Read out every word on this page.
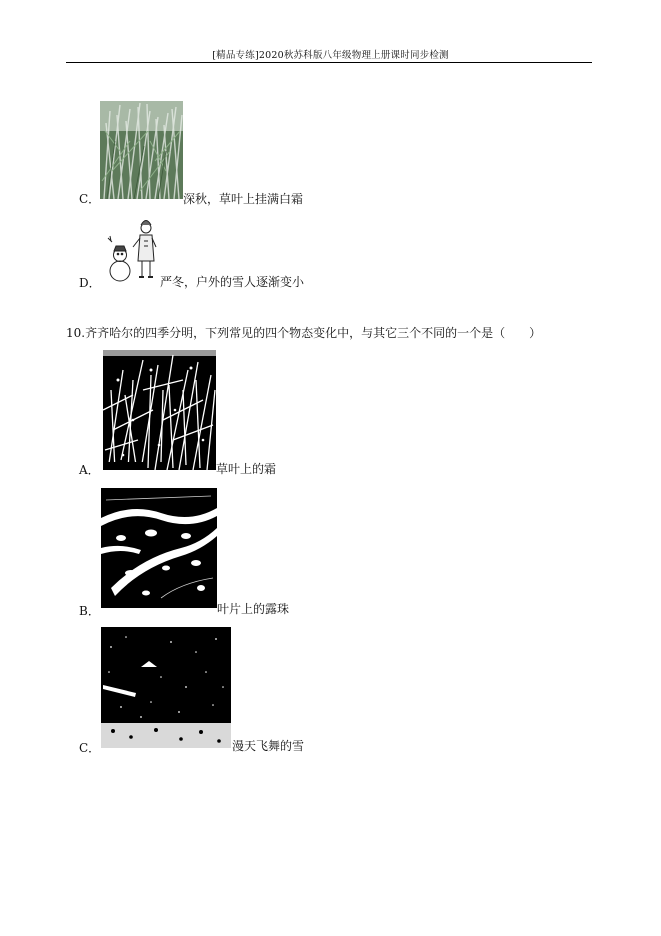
[精品专练]2020秋苏科版八年级物理上册课时同步检测
C．	深秋，草叶上挂满白霜
D．	严冬，户外的雪人逐渐变小
10.齐齐哈尔的四季分明，下列常见的四个物态变化中，与其它三个不同的一个是（　　）
A．	草叶上的霜
B．	叶片上的露珠
C．	漫天飞舞的雪
